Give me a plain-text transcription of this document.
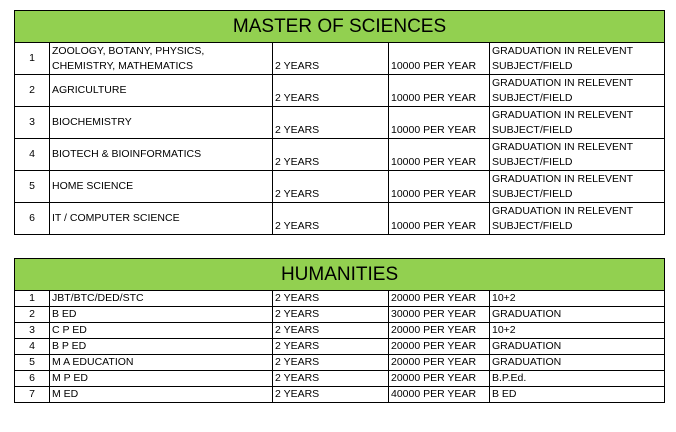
MASTER OF SCIENCES				
1	ZOOLOGY, BOTANY, PHYSICS, CHEMISTRY, MATHEMATICS	2 YEARS	10000 PER YEAR	GRADUATION IN RELEVENT SUBJECT/FIELD
2	AGRICULTURE	2 YEARS	10000 PER YEAR	GRADUATION IN RELEVENT SUBJECT/FIELD
3	BIOCHEMISTRY	2 YEARS	10000 PER YEAR	GRADUATION IN RELEVENT SUBJECT/FIELD
4	BIOTECH & BIOINFORMATICS	2 YEARS	10000 PER YEAR	GRADUATION IN RELEVENT SUBJECT/FIELD
5	HOME SCIENCE	2 YEARS	10000 PER YEAR	GRADUATION IN RELEVENT SUBJECT/FIELD
6	IT / COMPUTER SCIENCE	2 YEARS	10000 PER YEAR	GRADUATION IN RELEVENT SUBJECT/FIELD
HUMANITIES				
1	JBT/BTC/DED/STC	2 YEARS	20000 PER YEAR	10+2
2	B ED	2 YEARS	30000 PER YEAR	GRADUATION
3	C P ED	2 YEARS	20000 PER YEAR	10+2
4	B P ED	2 YEARS	20000 PER YEAR	GRADUATION
5	M A EDUCATION	2 YEARS	20000 PER YEAR	GRADUATION
6	M P ED	2 YEARS	20000 PER YEAR	B.P.Ed.
7	M ED	2 YEARS	40000 PER YEAR	B ED
